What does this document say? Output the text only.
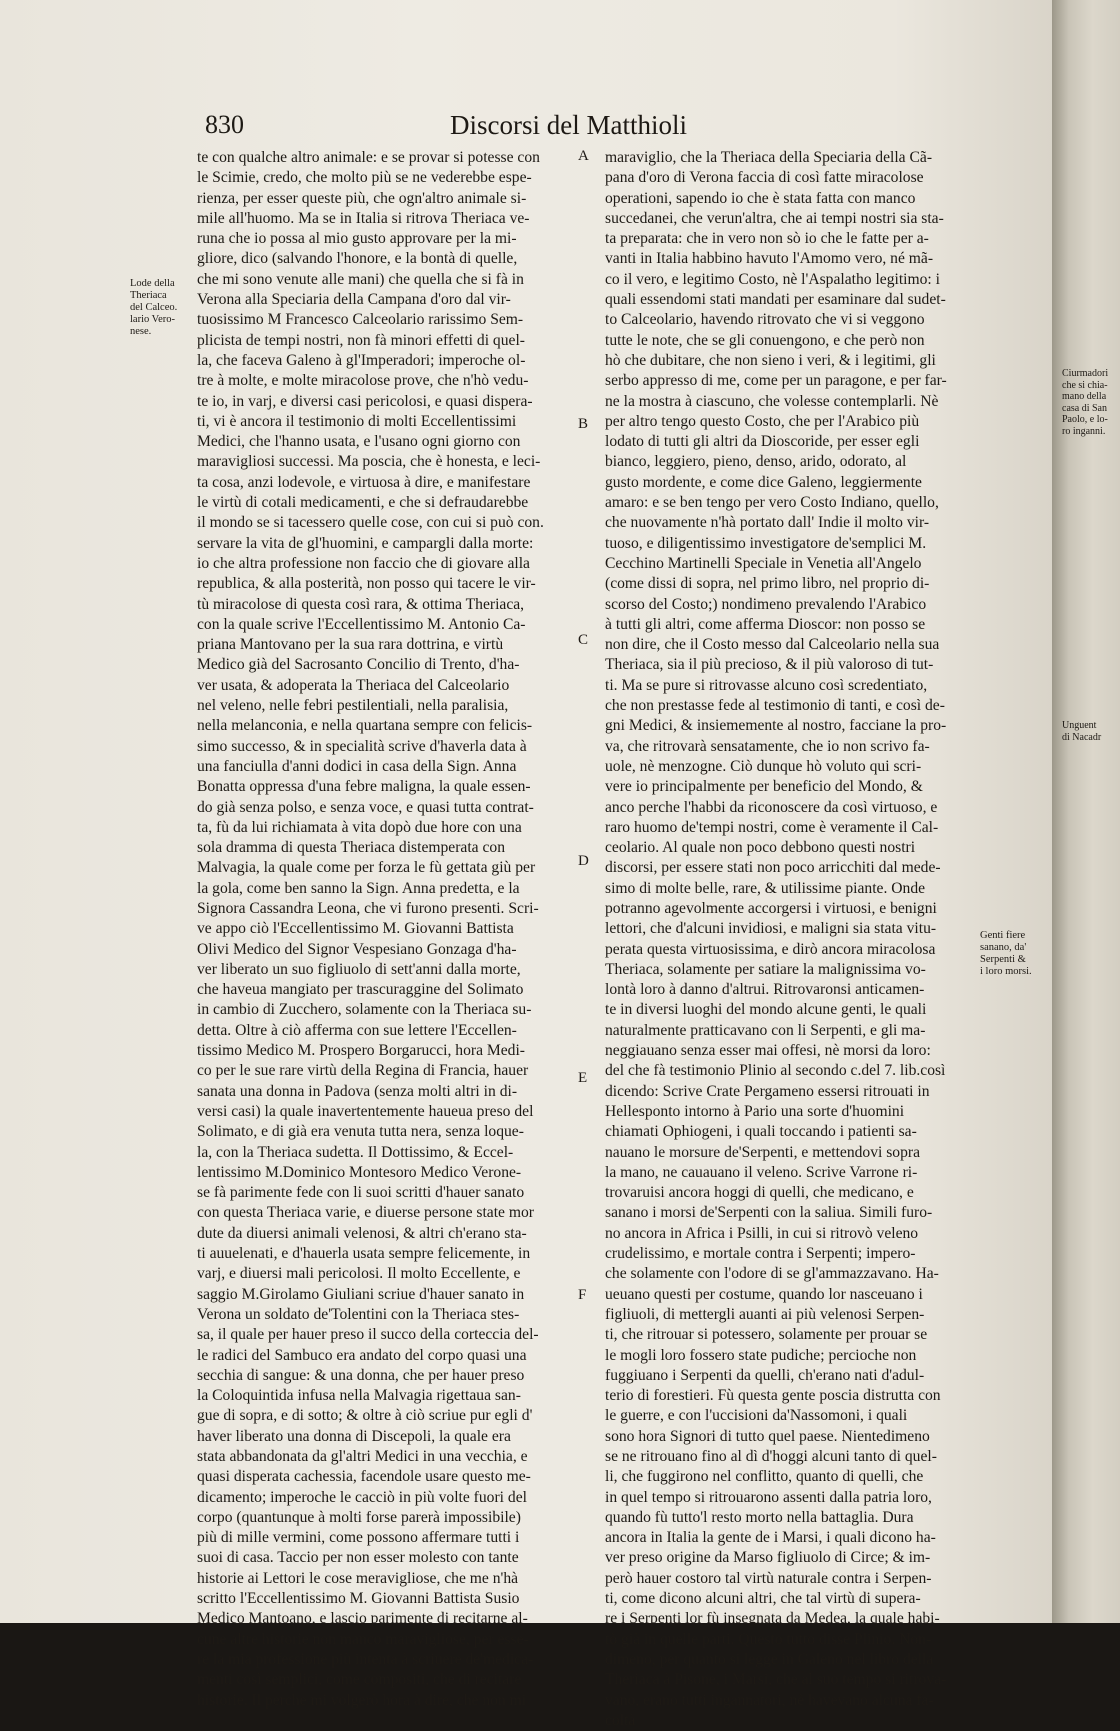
830	Discorsi del Matthioli
Lode della
Theriaca
del Calceo.
lario Vero-
nese.
Genti fiere
sanano, da'
Serpenti &
i loro morsi.
te con qualche altro animale: e se provar si potesse con
le Scimie, credo, che molto più se ne vederebbe espe-
rienza, per esser queste più, che ogn'altro animale si-
mile all'huomo. Ma se in Italia si ritrova Theriaca ve-
runa che io possa al mio gusto approvare per la mi-
gliore, dico (salvando l'honore, e la bontà di quelle,
che mi sono venute alle mani) che quella che si fà in
Verona alla Speciaria della Campana d'oro dal vir-
tuosissimo M Francesco Calceolario rarissimo Sem-
plicista de tempi nostri, non fà minori effetti di quel-
la, che faceva Galeno à gl'Imperadori; imperoche ol-
tre à molte, e molte miracolose prove, che n'hò vedu-
te io, in varj, e diversi casi pericolosi, e quasi disperа-
ti, vi è ancora il testimonio di molti Eccellentissimi
Medici, che l'hanno usata, e l'usano ogni giorno con
maravigliosi successi. Ma poscia, che è honesta, e leci-
ta cosa, anzi lodevole, e virtuosa à dire, e manifestare
le virtù di cotali medicamenti, e che si defraudarebbe
il mondo se si tacessero quelle cose, con cui si può con.
servare la vita de gl'huomini, e campargli dalla morte:
io che altra professione non faccio che di giovare alla
republica, & alla posterità, non posso qui tacere le vir-
tù miracolose di questa così rara, & ottima Theriaca,
con la quale scrive l'Eccellentissimo M. Antonio Ca-
priana Mantovano per la sua rara dottrina, e virtù
Medico già del Sacrosanto Concilio di Trento, d'ha-
ver usata, & adoperata la Theriaca del Calceolario
nel veleno, nelle febri pestilentiali, nella paralisia,
nella melanconia, e nella quartana sempre con felicis-
simo successo, & in specialità scrive d'haverla data à
una fanciulla d'anni dodici in casa della Sign. Anna
Bonatta oppressa d'una febre maligna, la quale essen-
do già senza polso, e senza voce, e quasi tutta contrat-
ta, fù da lui richiamata à vita dopò due hore con una
sola dramma di questa Theriaca distemperata con
Malvagia, la quale come per forza le fù gettata giù per
la gola, come ben sanno la Sign. Anna predetta, e la
Signora Cassandra Leona, che vi furono presenti. Scri-
ve appo ciò l'Eccellentissimo M. Giovanni Battista
Olivi Medico del Signor Vespesiano Gonzaga d'ha-
ver liberato un suo figliuolo di sett'anni dalla morte,
che haveua mangiato per trascuraggine del Solimato
in cambio di Zucchero, solamente con la Theriaca su-
detta. Oltre à ciò afferma con sue lettere l'Eccellen-
tissimo Medico M. Prospero Borgarucci, hora Medi-
co per le sue rare virtù della Regina di Francia, hauer
sanata una donna in Padova (senza molti altri in di-
versi casi) la quale inavertentemente haueua preso del
Solimato, e di già era venuta tutta nera, senza loque-
la, con la Theriaca sudetta. Il Dottissimo, & Eccel-
lentissimo M.Dominico Montesoro Medico Verone-
se fà parimente fede con li suoi scritti d'hauer sanato
con questa Theriaca varie, e diuerse persone state mor
dute da diuersi animali velenosi, & altri ch'erano sta-
ti auuelenati, e d'hauerla usata sempre felicemente, in
varj, e diuersi mali pericolosi. Il molto Eccellente, e
saggio M.Girolamo Giuliani scriue d'hauer sanato in
Verona un soldato de'Tolentini con la Theriaca stes-
sa, il quale per hauer preso il succo della corteccia del-
le radici del Sambuco era andato del corpo quasi una
secchia di sangue: & una donna, che per hauer preso
la Coloquintida infusa nella Malvagia rigettaua san-
gue di sopra, e di sotto; & oltre à ciò scriue pur egli d'
haver liberato una donna di Discepoli, la quale era
stata abbandonata da gl'altri Medici in una vecchia, e
quasi disperata cachessia, facendole usare questo me-
dicamento; imperoche le cacciò in più volte fuori del
corpo (quantunque à molti forse parerà impossibile)
più di mille vermini, come possono affermare tutti i
suoi di casa. Taccio per non esser molesto con tante
historie ai Lettori le cose meravigliose, che me n'hà
scritto l'Eccellentissimo M. Giovanni Battista Susio
Medico Mantoano, e lascio parimente di recitarne al-
cune altre historie non manco maravigliose, per esse-
re la mia professione più intenta à scriuere de'medica-
menti così semplici, come compositi, che di recitare
historie. Il perche mi volgerò hora à dire, che non mi
maraviglio, che la Theriaca della Speciaria della Cã-
pana d'oro di Verona faccia di così fatte miracolose
operationi, sapendo io che è stata fatta con manco
succedanei, che verun'altra, che ai tempi nostri sia sta-
ta preparata: che in vero non sò io che le fatte per a-
vanti in Italia habbino havuto l'Amomo vero, né mã-
co il vero, e legitimo Costo, nè l'Aspalatho legitimo: i
quali essendomi stati mandati per esaminare dal sudet-
to Calceolario, havendo ritrovato che vi si veggono
tutte le note, che se gli conuengono, e che però non
hò che dubitare, che non sieno i veri, & i legitimi, gli
serbo appresso di me, come per un paragone, e per far-
ne la mostra à ciascuno, che volesse contemplarli. Nè
per altro tengo questo Costo, che per l'Arabico più
lodato di tutti gli altri da Dioscoride, per esser egli
bianco, leggiero, pieno, denso, arido, odorato, al
gusto mordente, e come dice Galeno, leggiermente
amaro: e se ben tengo per vero Costo Indiano, quello,
che nuovamente n'hà portato dall' Indie il molto vir-
tuoso, e diligentissimo investigatore de'semplici M.
Cecchino Martinelli Speciale in Venetia all'Angelo
(come dissi di sopra, nel primo libro, nel proprio di-
scorso del Costo;) nondimeno prevalendo l'Arabico
à tutti gli altri, come afferma Dioscor: non posso se
non dire, che il Costo messo dal Calceolario nella sua
Theriaca, sia il più precioso, & il più valoroso di tut-
ti. Ma se pure si ritrovasse alcuno così scredentiato,
che non prestasse fede al testimonio di tanti, e così de-
gni Medici, & insiememente al nostro, facciane la pro-
va, che ritrovarà sensatamente, che io non scrivo fa-
uole, nè menzogne. Ciò dunque hò voluto qui scri-
vere io principalmente per beneficio del Mondo, &
anco perche l'habbi da riconoscere da così virtuoso, e
raro huomo de'tempi nostri, come è veramente il Cal-
ceolario. Al quale non poco debbono questi nostri
discorsi, per essere stati non poco arricchiti dal mede-
simo di molte belle, rare, & utilissime piante. Onde
potranno agevolmente accorgersi i virtuosi, e benigni
lettori, che d'alcuni invidiosi, e maligni sia stata vitu-
perata questa virtuosissima, e dirò ancora miracolosa
Theriaca, solamente per satiare la malignissima vo-
lontà loro à danno d'altrui. Ritrovaronsi anticamen-
te in diversi luoghi del mondo alcune genti, le quali
naturalmente pratticavano con li Serpenti, e gli ma-
neggiauano senza esser mai offesi, nè morsi da loro:
del che fà testimonio Plinio al secondo c.del 7. lib.così
dicendo: Scrive Crate Pergameno essersi ritrouati in
Hellesponto intorno à Pario una sorte d'huomini
chiamati Ophiogeni, i quali toccando i patienti sa-
nauano le morsure de'Serpenti, e mettendovi sopra
la mano, ne cauauano il veleno. Scrive Varrone ri-
trovaruisi ancora hoggi di quelli, che medicano, e
sanano i morsi de'Serpenti con la saliua. Simili furo-
no ancora in Africa i Psilli, in cui si ritrovò veleno
crudelissimo, e mortale contra i Serpenti; impero-
che solamente con l'odore di se gl'ammazzavano. Ha-
ueuano questi per costume, quando lor nasceuano i
figliuoli, di mettergli auanti ai più velenosi Serpen-
ti, che ritrouar si potessero, solamente per prouar se
le mogli loro fossero state pudiche; percioche non
fuggiuano i Serpenti da quelli, ch'erano nati d'adul-
terio di forestieri. Fù questa gente poscia distrutta con
le guerre, e con l'uccisioni da'Nassomoni, i quali
sono hora Signori di tutto quel paese. Nientedimeno
se ne ritrouano fino al dì d'hoggi alcuni tanto di quel-
li, che fuggirono nel conflitto, quanto di quelli, che
in quel tempo si ritrouarono assenti dalla patria loro,
quando fù tutto'l resto morto nella battaglia. Dura
ancora in Italia la gente de i Marsi, i quali dicono ha-
ver preso origine da Marso figliuolo di Circe; & im-
però hauer costoro tal virtù naturale contra i Serpen-
ti, come dicono alcuni altri, che tal virtù di supera-
re i Serpenti lor fù insegnata da Medea, la quale habi-
tò già in quelle parti. Questo tutto disse Plinio. Non-
dimeno, per quanto si legge in Galeno nel libro della
Theriaca à Pisone, i Marsi, che al suo tempo si ritrova-
vano, erano tutti ingannatori, nè havevano alcuna fa-
coltà
A
B
C
D
E
F
Ciurmadori
che si chia-
mano della
casa di San
Paolo, e lo-
ro inganni.
Unguent
di Nacadr
